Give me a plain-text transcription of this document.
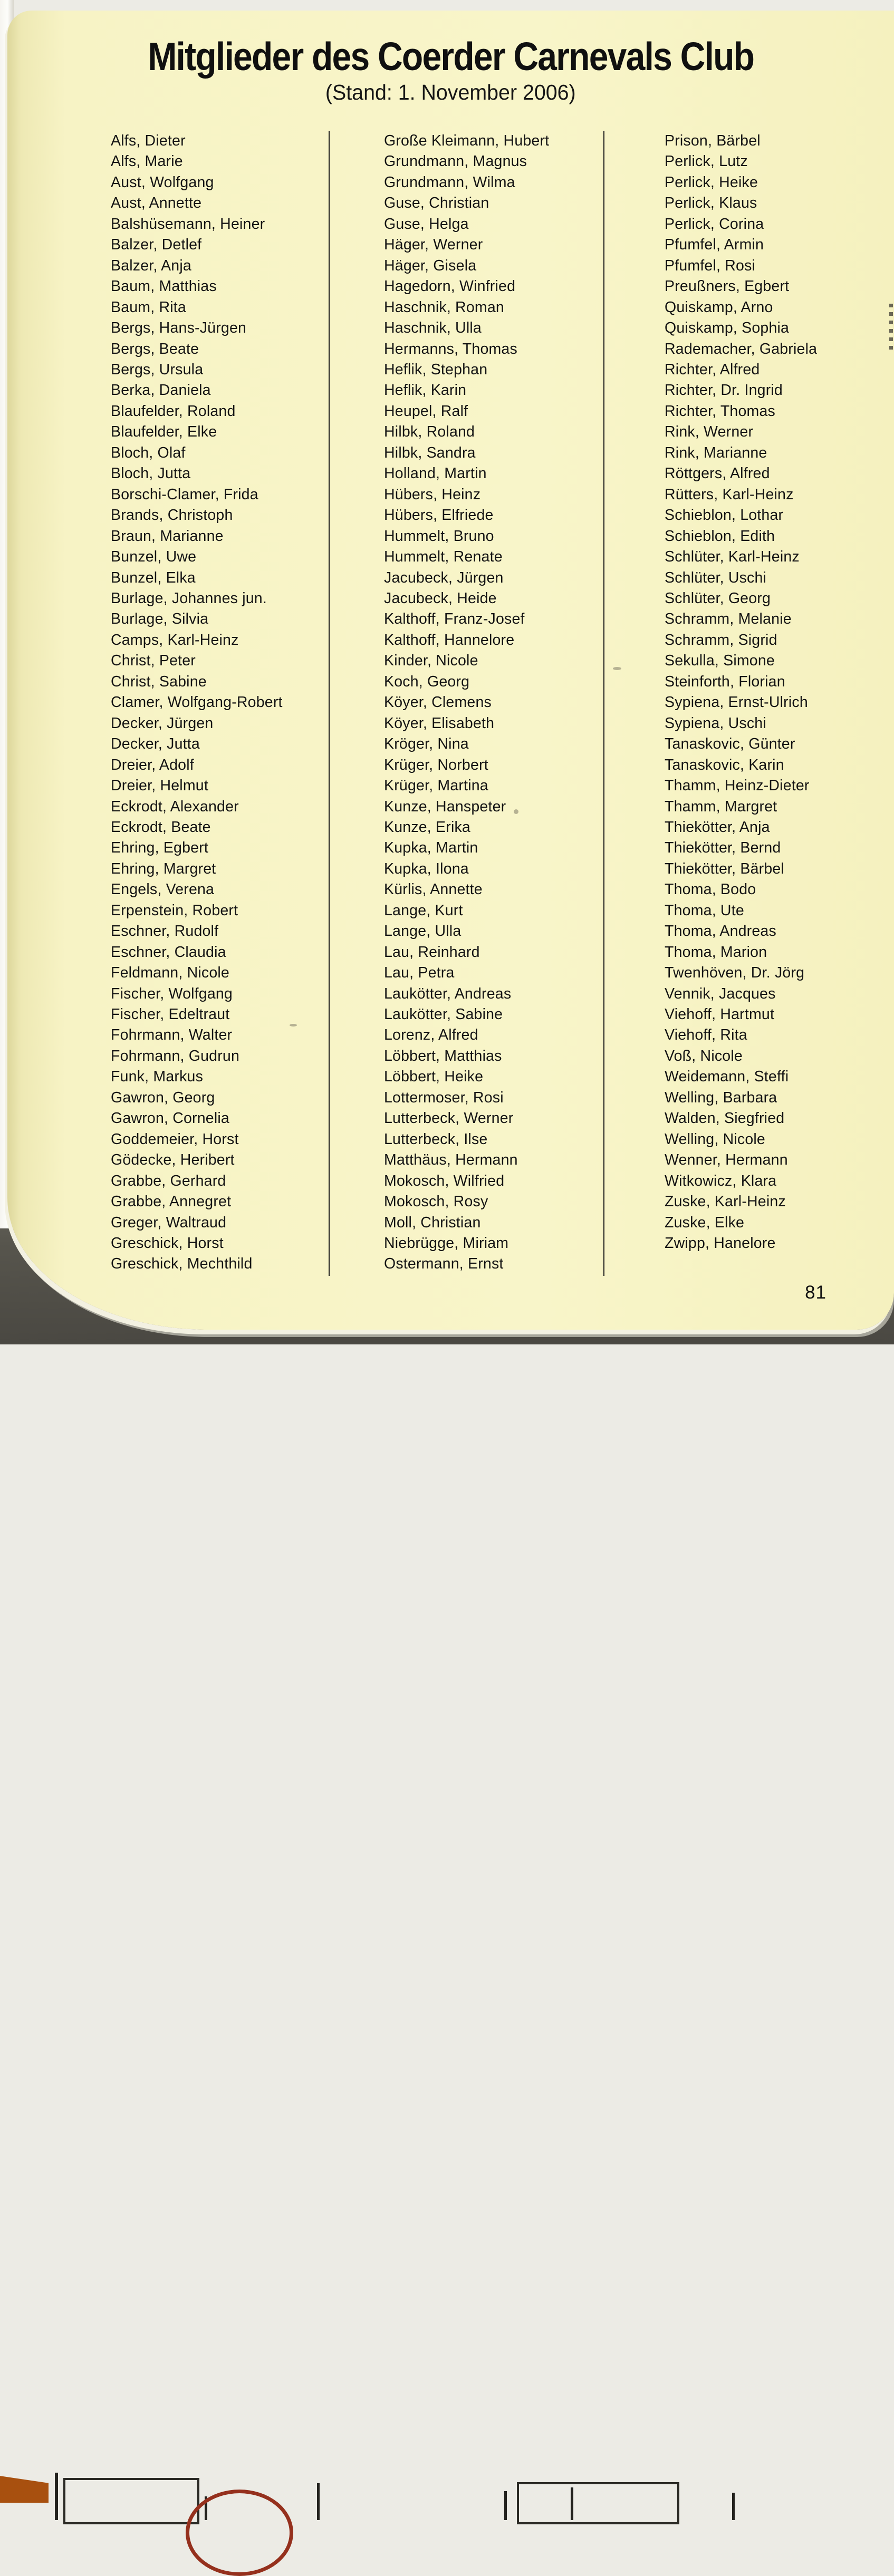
Mitglieder des Coerder Carnevals Club
(Stand: 1. November 2006)
Alfs, Dieter
Alfs, Marie
Aust, Wolfgang
Aust, Annette
Balshüsemann, Heiner
Balzer, Detlef
Balzer, Anja
Baum, Matthias
Baum, Rita
Bergs, Hans-Jürgen
Bergs, Beate
Bergs, Ursula
Berka, Daniela
Blaufelder, Roland
Blaufelder, Elke
Bloch, Olaf
Bloch, Jutta
Borschi-Clamer, Frida
Brands, Christoph
Braun, Marianne
Bunzel, Uwe
Bunzel, Elka
Burlage, Johannes jun.
Burlage, Silvia
Camps, Karl-Heinz
Christ, Peter
Christ, Sabine
Clamer, Wolfgang-Robert
Decker, Jürgen
Decker, Jutta
Dreier, Adolf
Dreier, Helmut
Eckrodt, Alexander
Eckrodt, Beate
Ehring, Egbert
Ehring, Margret
Engels, Verena
Erpenstein, Robert
Eschner, Rudolf
Eschner, Claudia
Feldmann, Nicole
Fischer, Wolfgang
Fischer, Edeltraut
Fohrmann, Walter
Fohrmann, Gudrun
Funk, Markus
Gawron, Georg
Gawron, Cornelia
Goddemeier, Horst
Gödecke, Heribert
Grabbe, Gerhard
Grabbe, Annegret
Greger, Waltraud
Greschick, Horst
Greschick, Mechthild
Große Kleimann, Hubert
Grundmann, Magnus
Grundmann, Wilma
Guse, Christian
Guse, Helga
Häger, Werner
Häger, Gisela
Hagedorn, Winfried
Haschnik, Roman
Haschnik, Ulla
Hermanns, Thomas
Heflik, Stephan
Heflik, Karin
Heupel, Ralf
Hilbk, Roland
Hilbk, Sandra
Holland, Martin
Hübers, Heinz
Hübers, Elfriede
Hummelt, Bruno
Hummelt, Renate
Jacubeck, Jürgen
Jacubeck, Heide
Kalthoff, Franz-Josef
Kalthoff, Hannelore
Kinder, Nicole
Koch, Georg
Köyer, Clemens
Köyer, Elisabeth
Kröger, Nina
Krüger, Norbert
Krüger, Martina
Kunze, Hanspeter
Kunze, Erika
Kupka, Martin
Kupka, Ilona
Kürlis, Annette
Lange, Kurt
Lange, Ulla
Lau, Reinhard
Lau, Petra
Laukötter, Andreas
Laukötter, Sabine
Lorenz, Alfred
Löbbert, Matthias
Löbbert, Heike
Lottermoser, Rosi
Lutterbeck, Werner
Lutterbeck, Ilse
Matthäus, Hermann
Mokosch, Wilfried
Mokosch, Rosy
Moll, Christian
Niebrügge, Miriam
Ostermann, Ernst
Prison, Bärbel
Perlick, Lutz
Perlick, Heike
Perlick, Klaus
Perlick, Corina
Pfumfel, Armin
Pfumfel, Rosi
Preußners, Egbert
Quiskamp, Arno
Quiskamp, Sophia
Rademacher, Gabriela
Richter, Alfred
Richter, Dr. Ingrid
Richter, Thomas
Rink, Werner
Rink, Marianne
Röttgers, Alfred
Rütters, Karl-Heinz
Schieblon, Lothar
Schieblon, Edith
Schlüter, Karl-Heinz
Schlüter, Uschi
Schlüter, Georg
Schramm, Melanie
Schramm, Sigrid
Sekulla, Simone
Steinforth, Florian
Sypiena, Ernst-Ulrich
Sypiena, Uschi
Tanaskovic, Günter
Tanaskovic, Karin
Thamm, Heinz-Dieter
Thamm, Margret
Thiekötter, Anja
Thiekötter, Bernd
Thiekötter, Bärbel
Thoma, Bodo
Thoma, Ute
Thoma, Andreas
Thoma, Marion
Twenhöven, Dr. Jörg
Vennik, Jacques
Viehoff, Hartmut
Viehoff, Rita
Voß, Nicole
Weidemann, Steffi
Welling, Barbara
Walden, Siegfried
Welling, Nicole
Wenner, Hermann
Witkowicz, Klara
Zuske, Karl-Heinz
Zuske, Elke
Zwipp, Hanelore
81
